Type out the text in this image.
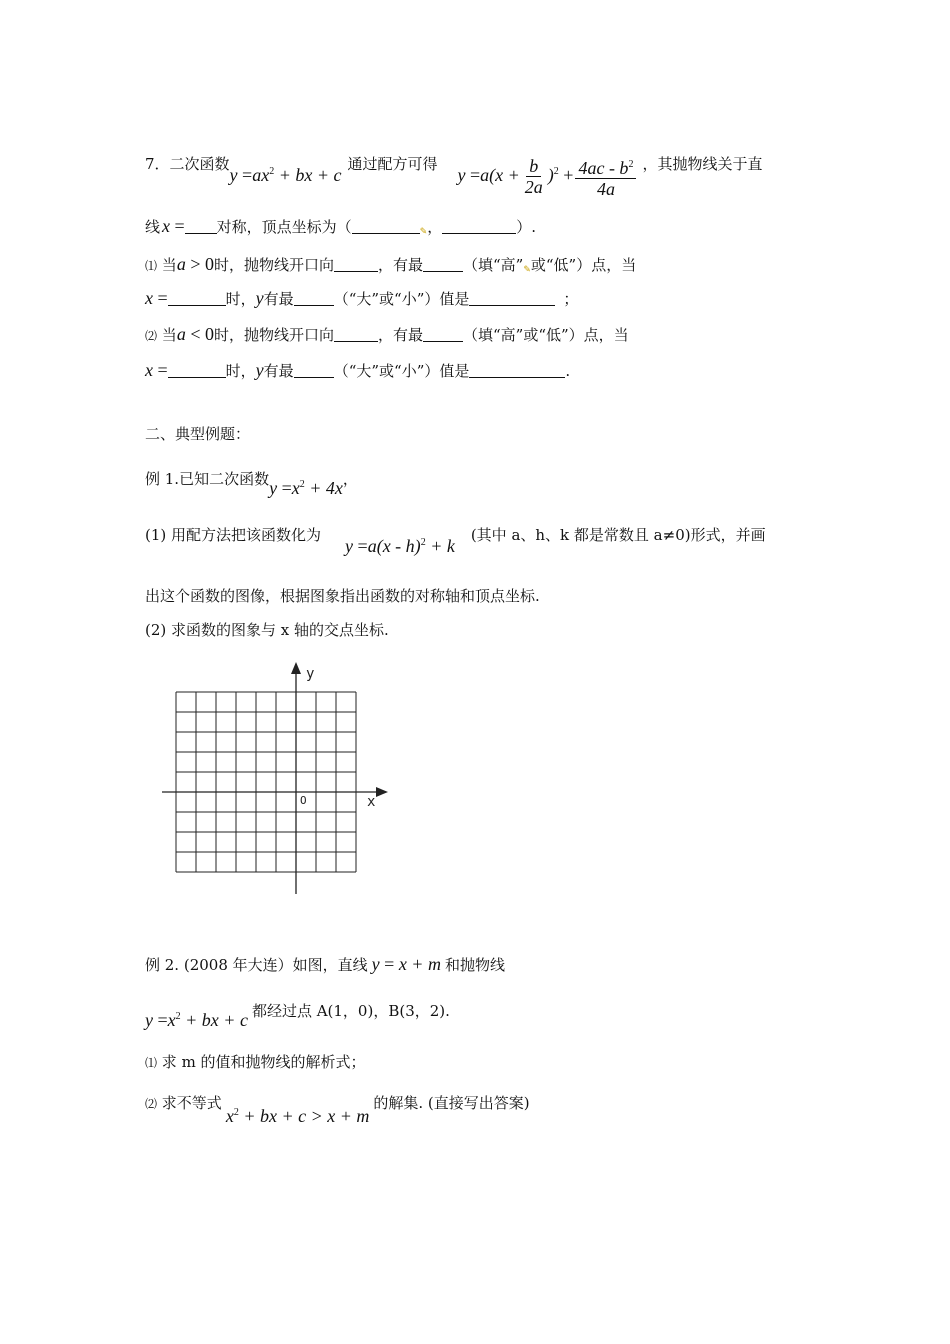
7．二次函数$y =ax^2$ + bx + c通过配方可得$y =a(x + \frac{b}{2a} )^2 + \frac{4ac - b^2}{4a}$ ，其抛物线关于直
线 x = 对称，顶点坐标为（	✎，	）.
⑴ 当a > 0时，抛物线开口向	，有最	（填“高”✎或“低”）点，当
x =	时，y有最	（“大”或“小”）值是	；
⑵ 当a < 0时，抛物线开口向	，有最	（填“高”或“低”）点，当
x =	时，y有最	（“大”或“小”）值是	.
二、典型例题：
例 1.已知二次函数$y =x^2 + 4x$，
(1) 用配方法把该函数化为y =a(x - h)$^2$ + k(其中 a、h、k 都是常数且 a≠0)形式，并画
出这个函数的图像，根据图象指出函数的对称轴和顶点坐标.
(2) 求函数的图象与 x 轴的交点坐标.
y
x
O
例 2. (2008 年大连）如图，直线 y = x + m 和抛物线
$y =x^2$ + bx + c 都经过点 A(1，0)，B(3，2).
⑴ 求 m 的值和抛物线的解析式；
⑵ 求不等式$x^2$ + bx + c > x + m的解集. (直接写出答案)
